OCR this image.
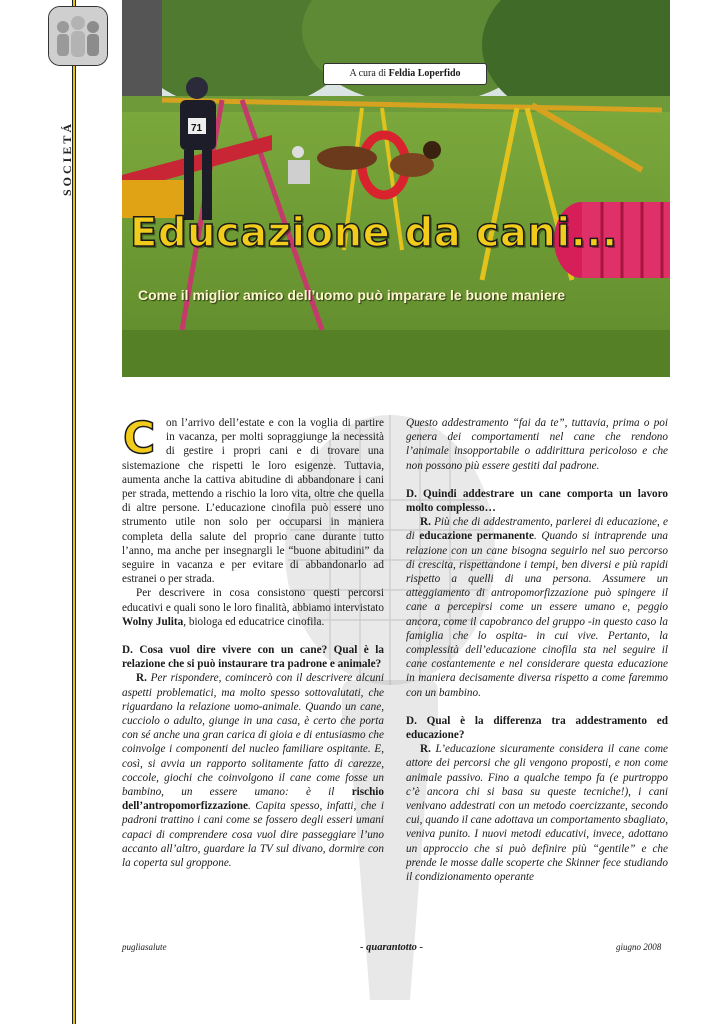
SOCIETÁ	71
A cura di Feldia Loperfido
Educazione da cani...
Come il miglior amico dell’uomo può imparare le buone maniere

C on l’arrivo dell’estate e con la voglia di partire in vacanza, per molti sopraggiunge la necessità di gestire i propri cani e di trovare una sistemazione che rispetti le loro esigenze. Tuttavia, aumenta anche la cattiva abitudine di abbandonare i cani per strada, mettendo a rischio la loro vita, oltre che quella di altre persone. L’educazione cinofila può essere uno strumento utile non solo per occuparsi in maniera completa della salute del proprio cane durante tutto l’anno, ma anche per insegnargli le “buone abitudini” da seguire in vacanza e per evitare di abbandonarlo ad estranei o per strada.

Per descrivere in cosa consistono questi percorsi educativi e quali sono le loro finalità, abbiamo intervistato Wolny Julita, biologa ed educatrice cinofila.

D. Cosa vuol dire vivere con un cane? Qual è la relazione che si può instaurare tra padrone e animale?

R. Per rispondere, comincerò con il descrivere alcuni aspetti problematici, ma molto spesso sottovalutati, che riguardano la relazione uomo-animale. Quando un cane, cucciolo o adulto, giunge in una casa, è certo che porta con sé anche una gran carica di gioia e di entusiasmo che coinvolge i componenti del nucleo familiare ospitante. E, così, si avvia un rapporto solitamente fatto di carezze, coccole, giochi che coinvolgono il cane come fosse un bambino, un essere umano: è il rischio dell’antropomorfizzazione. Capita spesso, infatti, che i padroni trattino i cani come se fossero degli esseri umani capaci di comprendere cosa vuol dire passeggiare l’uno accanto all’altro, guardare la TV sul divano, dormire con la coperta sul groppone.

Questo addestramento “fai da te”, tuttavia, prima o poi genera dei comportamenti nel cane che rendono l’animale insopportabile o addirittura pericoloso e che non possono più essere gestiti dal padrone.

D. Quindi addestrare un cane comporta un lavoro molto complesso…

R. Più che di addestramento, parlerei di educazione, e di educazione permanente. Quando si intraprende una relazione con un cane bisogna seguirlo nel suo percorso di crescita, rispettandone i tempi, ben diversi e più rapidi rispetto a quelli di una persona. Assumere un atteggiamento di antropomorfizzazione può spingere il cane a percepirsi come un essere umano e, peggio ancora, come il capobranco del gruppo -in questo caso la famiglia che lo ospita- in cui vive. Pertanto, la complessità dell’educazione cinofila sta nel seguire il cane costantemente e nel considerare questa educazione in maniera decisamente diversa rispetto a come faremmo con un bambino.

D. Qual è la differenza tra addestramento ed educazione?

R. L’educazione sicuramente considera il cane come attore dei percorsi che gli vengono proposti, e non come animale passivo. Fino a qualche tempo fa (e purtroppo c’è ancora chi si basa su queste tecniche!), i cani venivano addestrati con un metodo coercizzante, secondo cui, quando il cane adottava un comportamento sbagliato, veniva punito. I nuovi metodi educativi, invece, adottano un approccio che si può definire più “gentile” e che prende le mosse dalle scoperte che Skinner fece studiando il condizionamento operante

pugliasalute	- quarantotto -	giugno 2008
